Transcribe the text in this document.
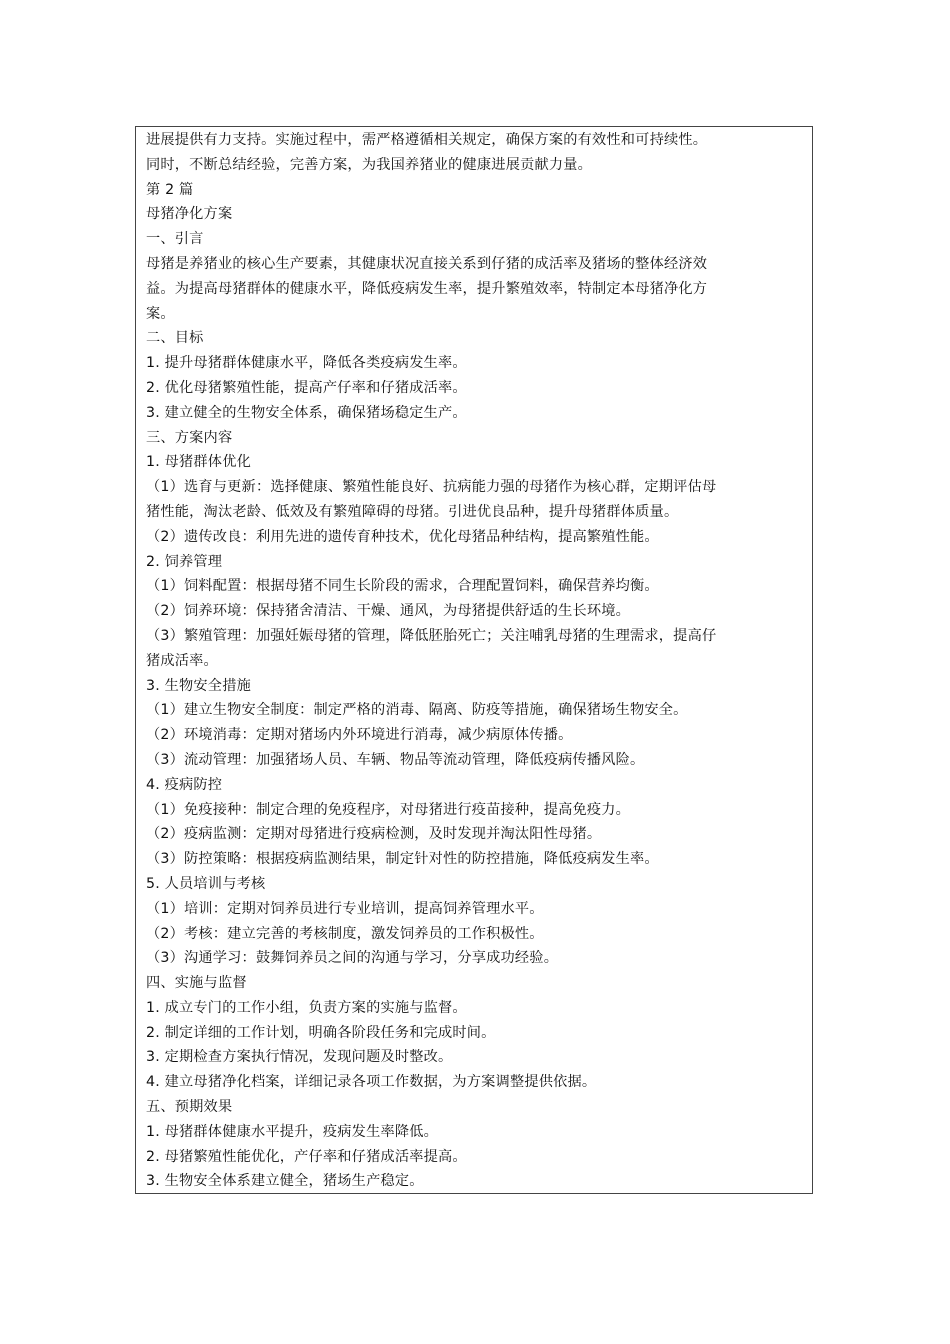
进展提供有力支持。实施过程中，需严格遵循相关规定，确保方案的有效性和可持续性。
同时，不断总结经验，完善方案，为我国养猪业的健康进展贡献力量。
第 2 篇
母猪净化方案
一、引言
母猪是养猪业的核心生产要素，其健康状况直接关系到仔猪的成活率及猪场的整体经济效
益。为提高母猪群体的健康水平，降低疫病发生率，提升繁殖效率，特制定本母猪净化方
案。
二、目标
1. 提升母猪群体健康水平，降低各类疫病发生率。
2. 优化母猪繁殖性能，提高产仔率和仔猪成活率。
3. 建立健全的生物安全体系，确保猪场稳定生产。
三、方案内容
1. 母猪群体优化
（1）选育与更新：选择健康、繁殖性能良好、抗病能力强的母猪作为核心群，定期评估母
猪性能，淘汰老龄、低效及有繁殖障碍的母猪。引进优良品种，提升母猪群体质量。
（2）遗传改良：利用先进的遗传育种技术，优化母猪品种结构，提高繁殖性能。
2. 饲养管理
（1）饲料配置：根据母猪不同生长阶段的需求，合理配置饲料，确保营养均衡。
（2）饲养环境：保持猪舍清洁、干燥、通风，为母猪提供舒适的生长环境。
（3）繁殖管理：加强妊娠母猪的管理，降低胚胎死亡；关注哺乳母猪的生理需求，提高仔
猪成活率。
3. 生物安全措施
（1）建立生物安全制度：制定严格的消毒、隔离、防疫等措施，确保猪场生物安全。
（2）环境消毒：定期对猪场内外环境进行消毒，减少病原体传播。
（3）流动管理：加强猪场人员、车辆、物品等流动管理，降低疫病传播风险。
4. 疫病防控
（1）免疫接种：制定合理的免疫程序，对母猪进行疫苗接种，提高免疫力。
（2）疫病监测：定期对母猪进行疫病检测，及时发现并淘汰阳性母猪。
（3）防控策略：根据疫病监测结果，制定针对性的防控措施，降低疫病发生率。
5. 人员培训与考核
（1）培训：定期对饲养员进行专业培训，提高饲养管理水平。
（2）考核：建立完善的考核制度，激发饲养员的工作积极性。
（3）沟通学习：鼓舞饲养员之间的沟通与学习，分享成功经验。
四、实施与监督
1. 成立专门的工作小组，负责方案的实施与监督。
2. 制定详细的工作计划，明确各阶段任务和完成时间。
3. 定期检查方案执行情况，发现问题及时整改。
4. 建立母猪净化档案，详细记录各项工作数据，为方案调整提供依据。
五、预期效果
1. 母猪群体健康水平提升，疫病发生率降低。
2. 母猪繁殖性能优化，产仔率和仔猪成活率提高。
3. 生物安全体系建立健全，猪场生产稳定。
